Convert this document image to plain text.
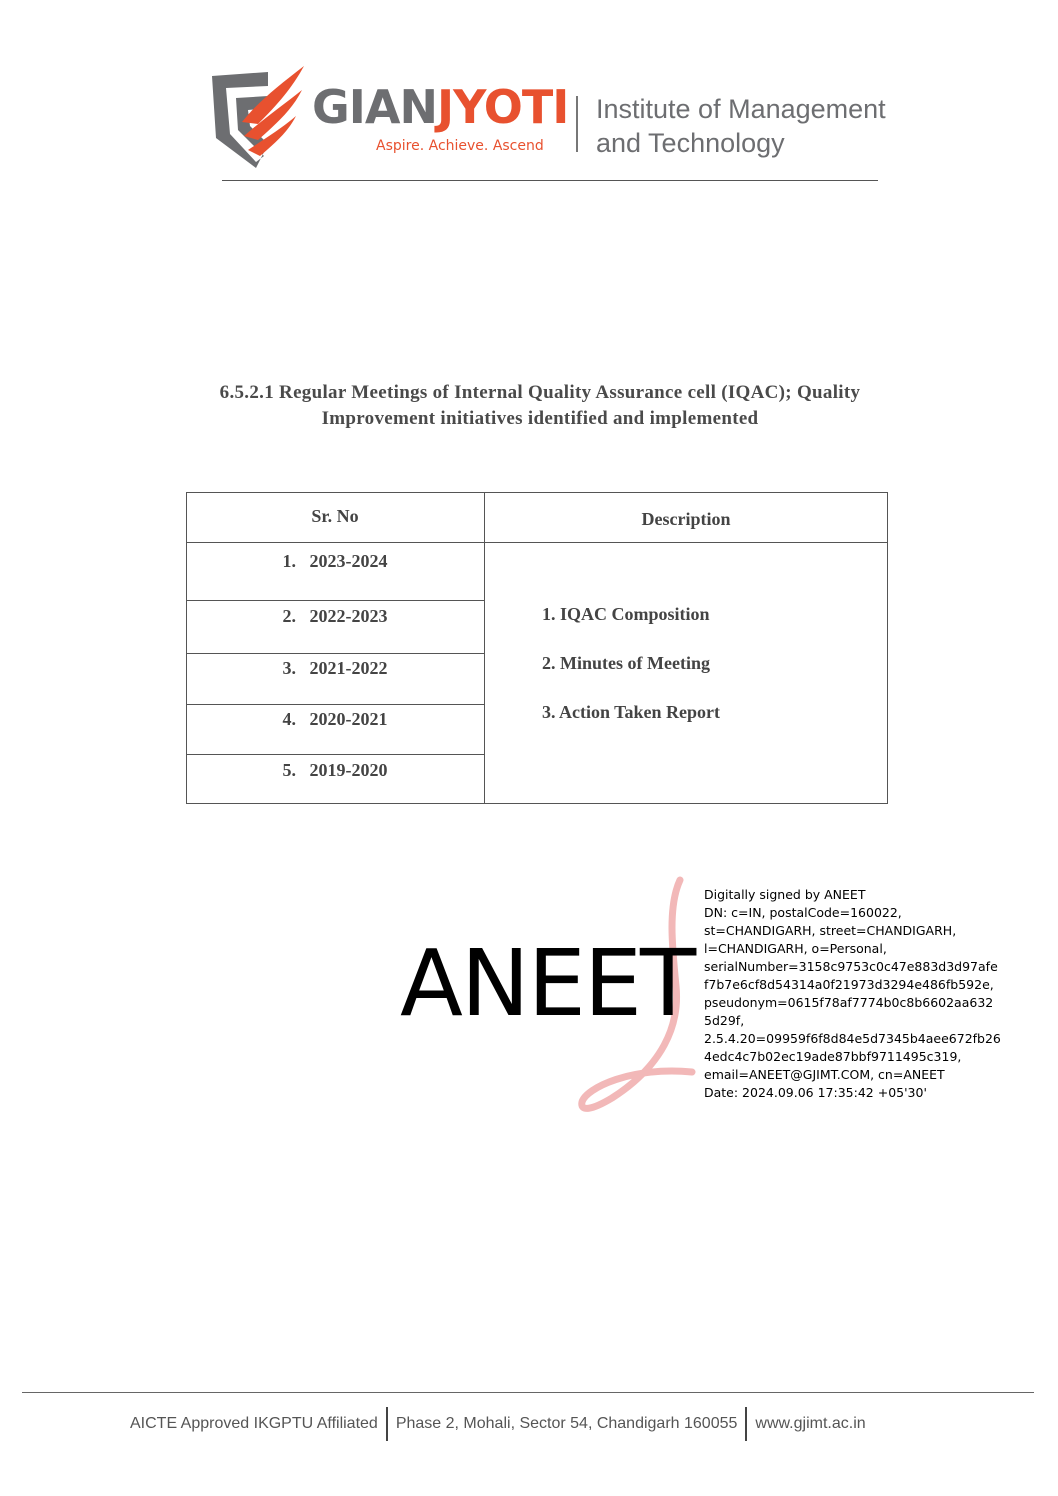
GIANJYOTI
Aspire. Achieve. Ascend
Institute of Management
and Technology
6.5.2.1 Regular Meetings of Internal Quality Assurance cell (IQAC); Quality
Improvement initiatives identified and implemented
Sr. No	Description
1. 2023-2024
2. 2022-2023
3. 2021-2022
4. 2020-2021
5. 2019-2020
1. IQAC Composition
2. Minutes of Meeting
3. Action Taken Report
ANEET
Digitally signed by ANEET
DN: c=IN, postalCode=160022,
st=CHANDIGARH, street=CHANDIGARH,
l=CHANDIGARH, o=Personal,
serialNumber=3158c9753c0c47e883d3d97afe
f7b7e6cf8d54314a0f21973d3294e486fb592e,
pseudonym=0615f78af7774b0c8b6602aa632
5d29f,
2.5.4.20=09959f6f8d84e5d7345b4aee672fb26
4edc4c7b02ec19ade87bbf9711495c319,
email=ANEET@GJIMT.COM, cn=ANEET
Date: 2024.09.06 17:35:42 +05'30'
AICTE Approved IKGPTU Affiliated Phase 2, Mohali, Sector 54, Chandigarh 160055 www.gjimt.ac.in
